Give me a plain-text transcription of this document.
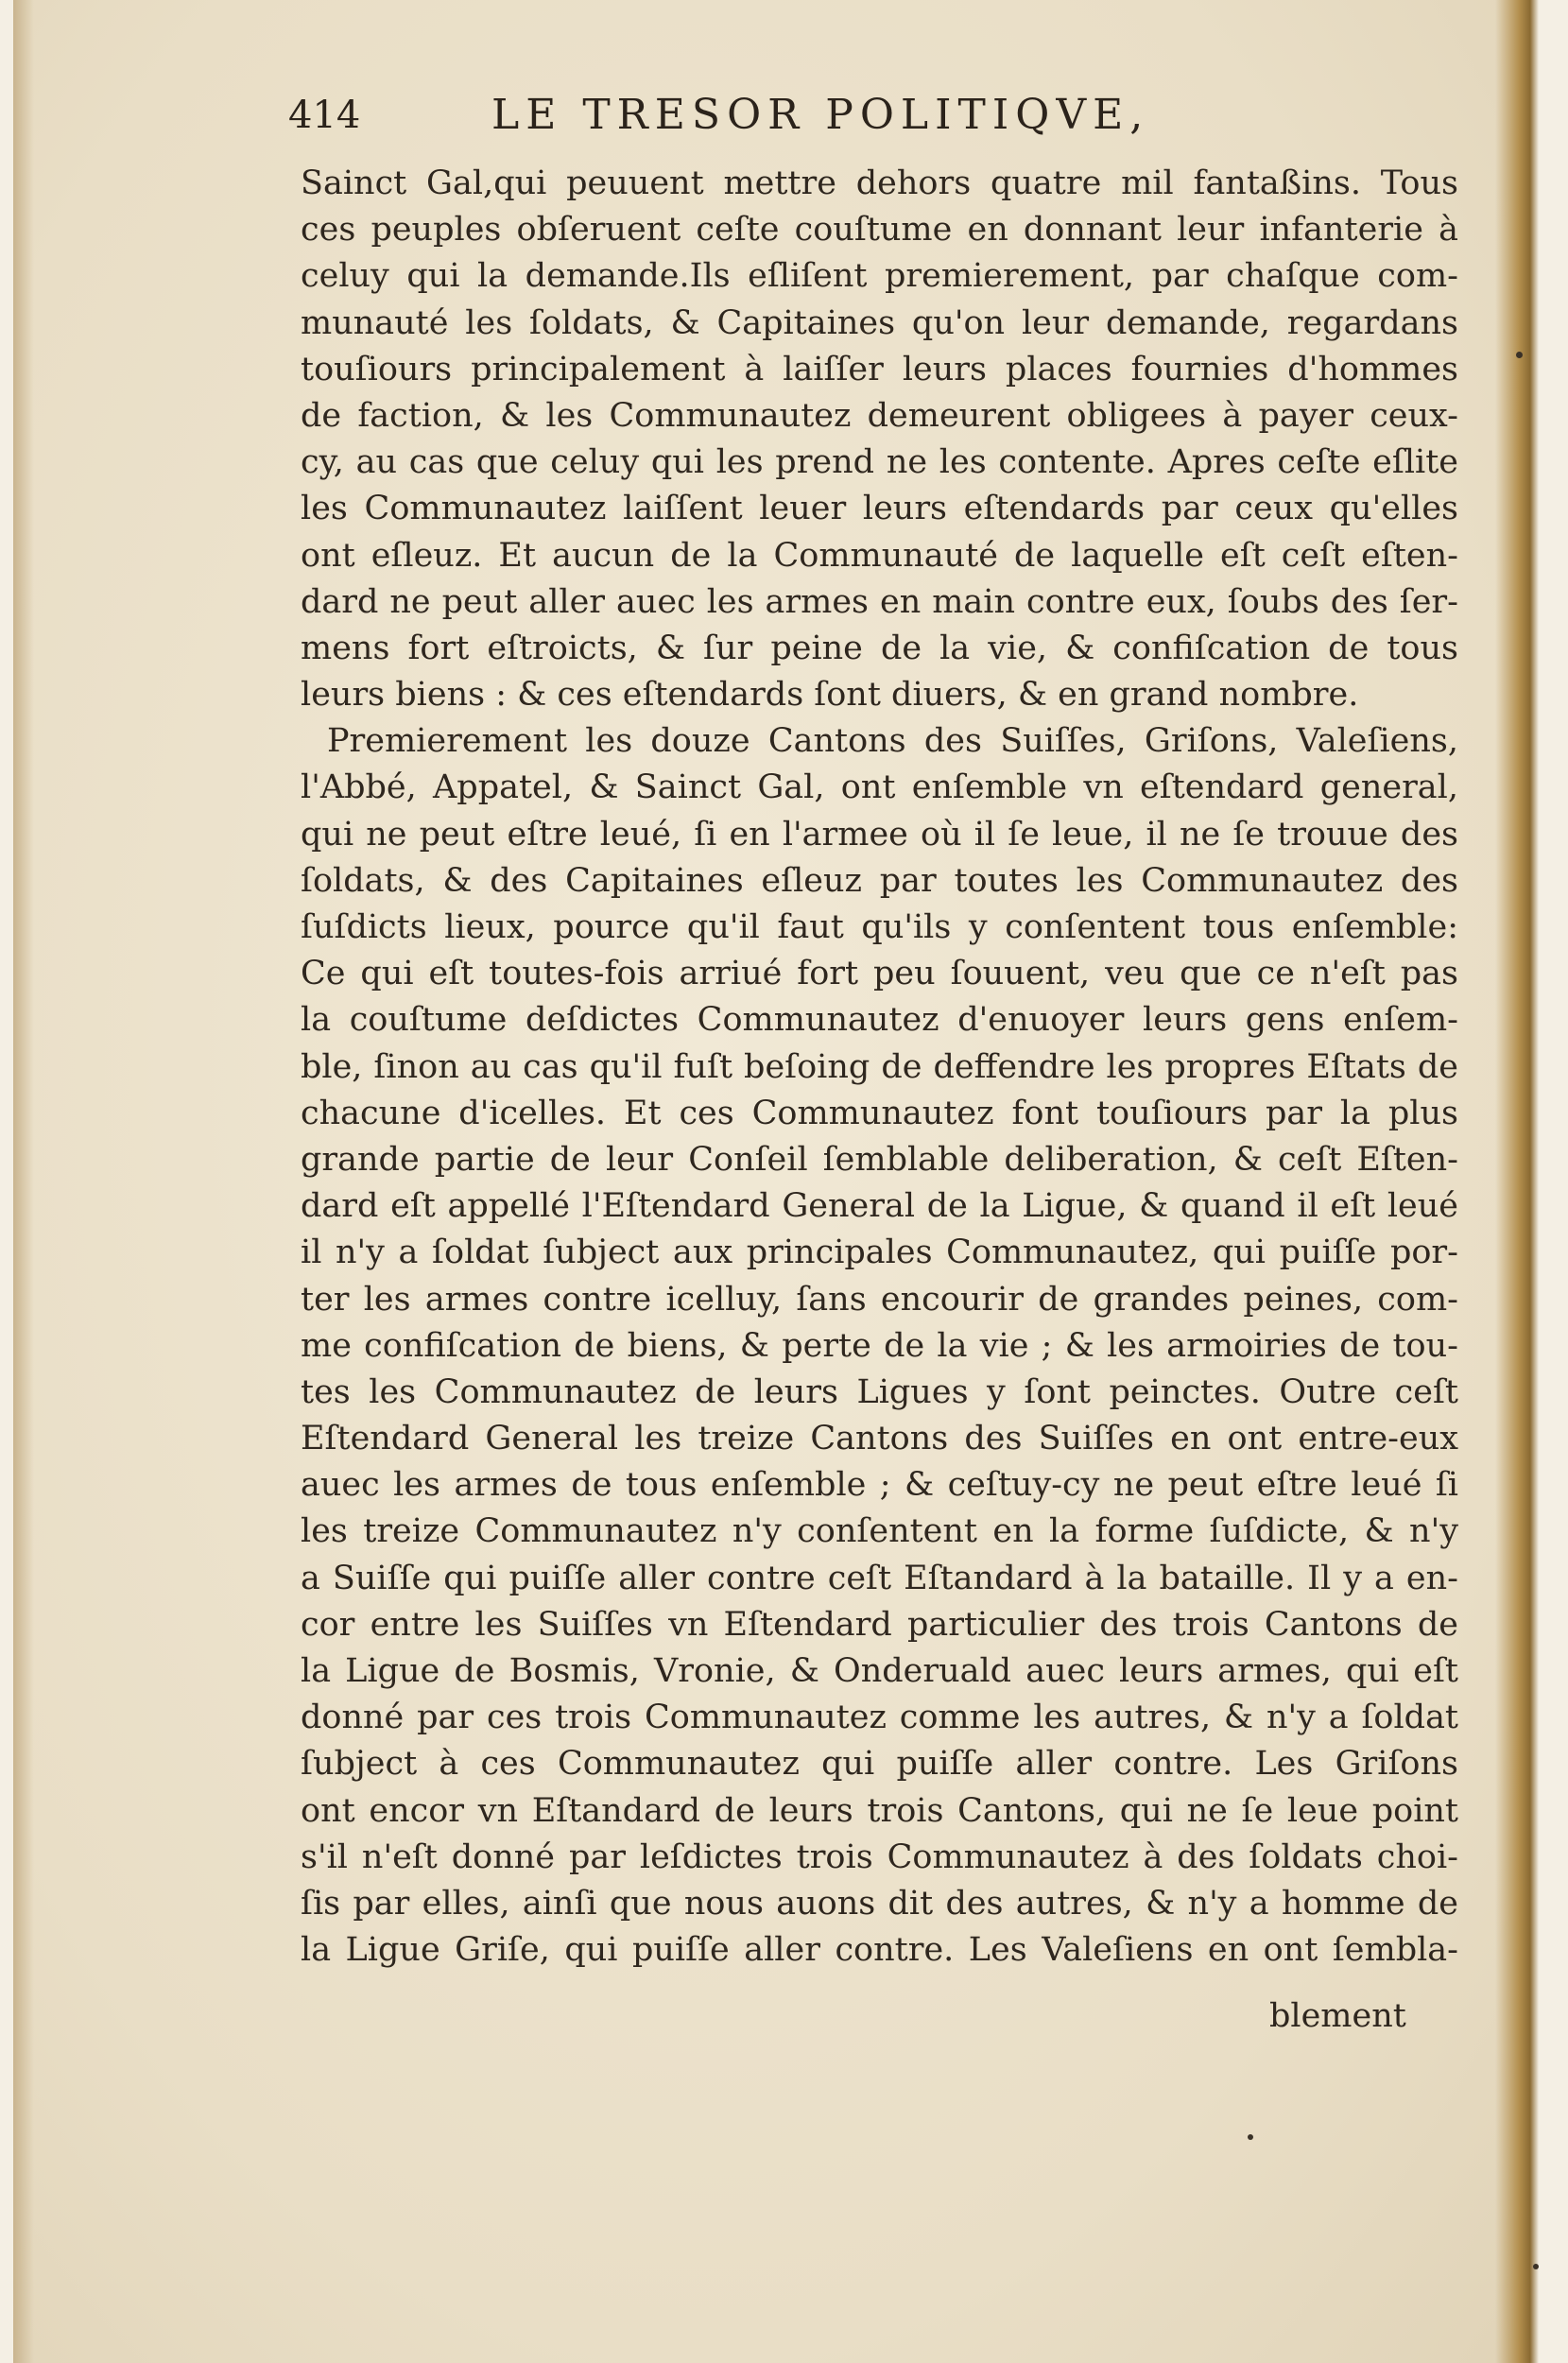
414	LE TRESOR POLITIQVE,
Sainct Gal,qui peuuent mettre dehors quatre mil fantaßins. Tous
ces peuples obſeruent ceſte couſtume en donnant leur infanterie à
celuy qui la demande.Ils eſliſent premierement, par chaſque com-
munauté les ſoldats, & Capitaines qu'on leur demande, regardans
touſiours principalement à laiſſer leurs places fournies d'hommes
de faction, & les Communautez demeurent obligees à payer ceux-
cy, au cas que celuy qui les prend ne les contente. Apres ceſte eſlite
les Communautez laiſſent leuer leurs eſtendards par ceux qu'elles
ont eſleuz. Et aucun de la Communauté de laquelle eſt ceſt eſten-
dard ne peut aller auec les armes en main contre eux, ſoubs des ſer-
mens fort eſtroicts, & ſur peine de la vie, & confiſcation de tous
leurs biens : & ces eſtendards ſont diuers, & en grand nombre.
Premierement les douze Cantons des Suiſſes, Griſons, Valeſiens,
l'Abbé, Appatel, & Sainct Gal, ont enſemble vn eſtendard general,
qui ne peut eſtre leué, ſi en l'armee où il ſe leue, il ne ſe trouue des
ſoldats, & des Capitaines eſleuz par toutes les Communautez des
ſuſdicts lieux, pource qu'il faut qu'ils y conſentent tous enſemble:
Ce qui eſt toutes-fois arriué fort peu ſouuent, veu que ce n'eſt pas
la couſtume deſdictes Communautez d'enuoyer leurs gens enſem-
ble, ſinon au cas qu'il fuſt beſoing de deffendre les propres Eſtats de
chacune d'icelles. Et ces Communautez font touſiours par la plus
grande partie de leur Conſeil ſemblable deliberation, & ceſt Eſten-
dard eſt appellé l'Eſtendard General de la Ligue, & quand il eſt leué
il n'y a ſoldat ſubject aux principales Communautez, qui puiſſe por-
ter les armes contre icelluy, ſans encourir de grandes peines, com-
me confiſcation de biens, & perte de la vie ; & les armoiries de tou-
tes les Communautez de leurs Ligues y ſont peinctes. Outre ceſt
Eſtendard General les treize Cantons des Suiſſes en ont entre-eux
auec les armes de tous enſemble ; & ceſtuy-cy ne peut eſtre leué ſi
les treize Communautez n'y conſentent en la forme ſuſdicte, & n'y
a Suiſſe qui puiſſe aller contre ceſt Eſtandard à la bataille. Il y a en-
cor entre les Suiſſes vn Eſtendard particulier des trois Cantons de
la Ligue de Bosmis, Vronie, & Onderuald auec leurs armes, qui eſt
donné par ces trois Communautez comme les autres, & n'y a ſoldat
ſubject à ces Communautez qui puiſſe aller contre. Les Griſons
ont encor vn Eſtandard de leurs trois Cantons, qui ne ſe leue point
s'il n'eſt donné par leſdictes trois Communautez à des ſoldats choi-
ſis par elles, ainſi que nous auons dit des autres, & n'y a homme de
la Ligue Griſe, qui puiſſe aller contre. Les Valeſiens en ont ſembla-
blement
